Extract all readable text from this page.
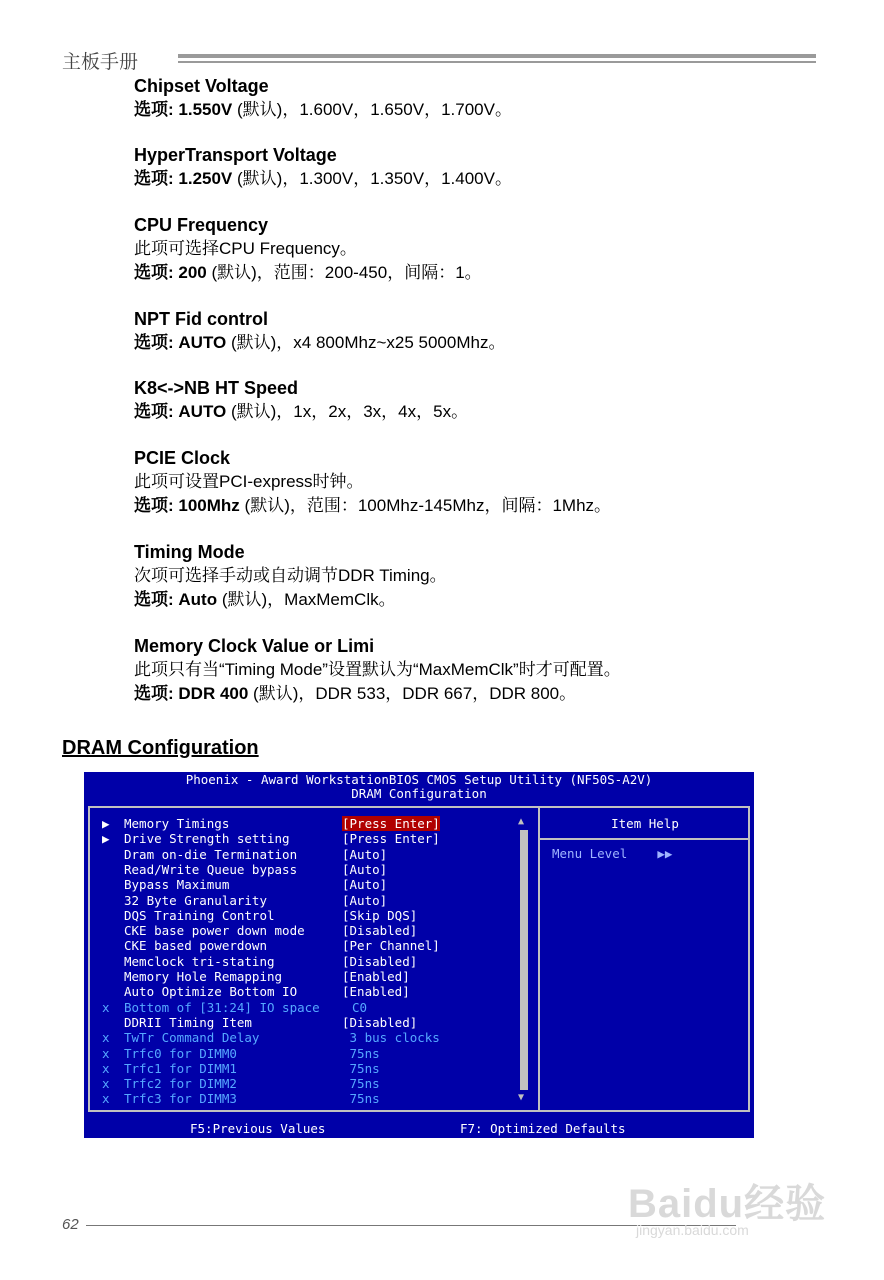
主板手册
Chipset Voltage
选项: 1.550V (默认)，1.600V，1.650V，1.700V。
HyperTransport Voltage
选项: 1.250V (默认)，1.300V，1.350V，1.400V。
CPU Frequency
此项可选择CPU Frequency。
选项: 200 (默认)，范围：200-450，间隔：1。
NPT Fid control
选项: AUTO (默认)，x4 800Mhz~x25 5000Mhz。
K8<->NB HT Speed
选项: AUTO (默认)，1x，2x，3x，4x，5x。
PCIE Clock
此项可设置PCI-express时钟。
选项: 100Mhz (默认)，范围：100Mhz-145Mhz，间隔：1Mhz。
Timing Mode
次项可选择手动或自动调节DDR Timing。
选项: Auto (默认)，MaxMemClk。
Memory Clock Value or Limi
此项只有当“Timing Mode”设置默认为“MaxMemClk”时才可配置。
选项: DDR 400 (默认)，DDR 533，DDR 667，DDR 800。
DRAM Configuration
Phoenix - Award WorkstationBIOS CMOS Setup Utility (NF50S-A2V)
DRAM Configuration
▶	Memory Timings	[Press Enter]
▶	Drive Strength setting	[Press Enter]
Dram on-die Termination	[Auto]
Read/Write Queue bypass	[Auto]
Bypass Maximum	[Auto]
32 Byte Granularity	[Auto]
DQS Training Control	[Skip DQS]
CKE base power down mode	[Disabled]
CKE based powerdown	[Per Channel]
Memclock tri-stating	[Disabled]
Memory Hole Remapping	[Enabled]
Auto Optimize Bottom IO	[Enabled]
x	Bottom of [31:24] IO space	C0
DDRII Timing Item	[Disabled]
x	TwTr Command Delay	3 bus clocks
x	Trfc0 for DIMM0	75ns
x	Trfc1 for DIMM1	75ns
x	Trfc2 for DIMM2	75ns
x	Trfc3 for DIMM3	75ns
▲
▼
Item Help
Menu Level    ▶▶
F5:Previous Values	F7: Optimized Defaults
62	Baidu经验
jingyan.baidu.com
